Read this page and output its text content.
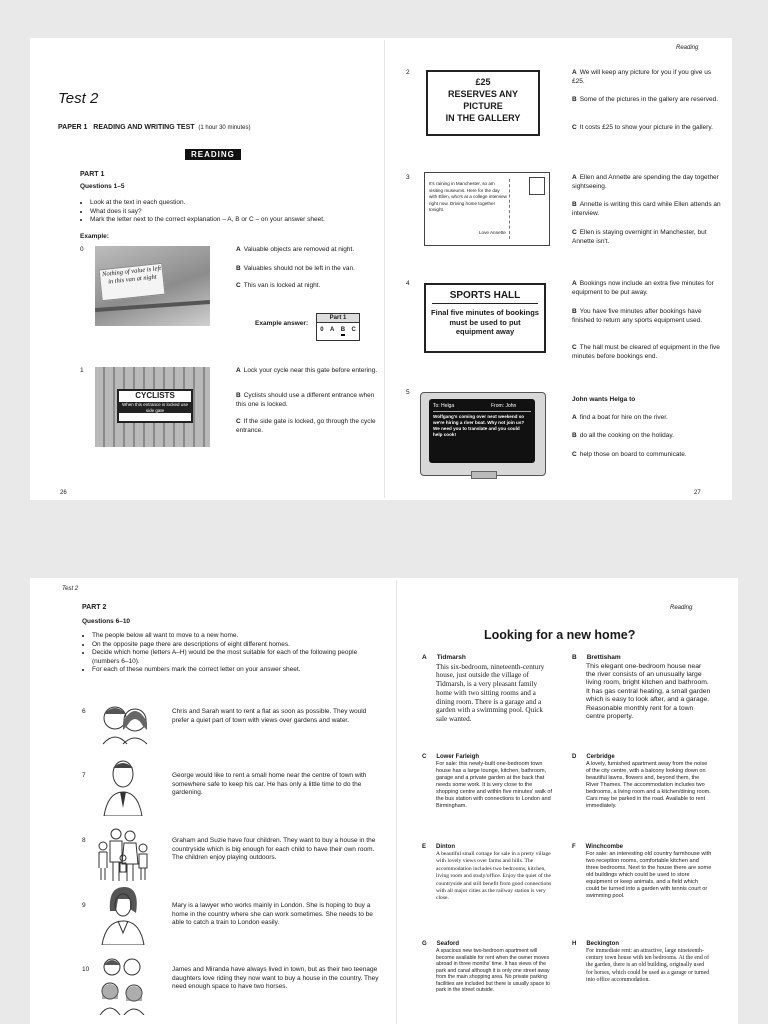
Test 2
PAPER 1 READING AND WRITING TEST (1 hour 30 minutes)
READING
PART 1
Questions 1–5
• Look at the text in each question.
• What does it say?
• Mark the letter next to the correct explanation – A, B or C – on your answer sheet.
Example:
0
Nothing of value is left in this van at night
A Valuable objects are removed at night.
B Valuables should not be left in the van.
C This van is locked at night.
Example answer:
Part 1
0 A B C
1
CYCLISTS
When this entrance is locked use side gate
A Lock your cycle near this gate before entering.
B Cyclists should use a different entrance when this one is locked.
C If the side gate is locked, go through the cycle entrance.
26
Reading
2
£25
RESERVES ANY
PICTURE
IN THE GALLERY
A We will keep any picture for you if you give us £25.
B Some of the pictures in the gallery are reserved.
C It costs £25 to show your picture in the gallery.
3
It's raining in Manchester, so am visiting museums. Here for the day with Ellen, who's at a college interview right now. Driving home together tonight.
Love Annette
A Ellen and Annette are spending the day together sightseeing.
B Annette is writing this card while Ellen attends an interview.
C Ellen is staying overnight in Manchester, but Annette isn't.
4
SPORTS HALL
Final five minutes of bookings must be used to put equipment away
A Bookings now include an extra five minutes for equipment to be put away.
B You have five minutes after bookings have finished to return any sports equipment used.
C The hall must be cleared of equipment in the five minutes before bookings end.
5
To: Helga	From: John
Wolfgang's coming over next weekend so we're hiring a river boat. Why not join us? We need you to translate and you could help cook!
John wants Helga to
A find a boat for hire on the river.
B do all the cooking on the holiday.
C help those on board to communicate.
27
Test 2
PART 2
Questions 6–10
• The people below all want to move to a new home.
• On the opposite page there are descriptions of eight different homes.
• Decide which home (letters A–H) would be the most suitable for each of the following people (numbers 6–10).
• For each of these numbers mark the correct letter on your answer sheet.
6	Chris and Sarah want to rent a flat as soon as possible. They would prefer a quiet part of town with views over gardens and water.
7	George would like to rent a small home near the centre of town with somewhere safe to keep his car. He has only a little time to do the gardening.
8	Graham and Suzie have four children. They want to buy a house in the countryside which is big enough for each child to have their own room. The children enjoy playing outdoors.
9	Mary is a lawyer who works mainly in London. She is hoping to buy a home in the country where she can work sometimes. She needs to be able to catch a train to London easily.
10	James and Miranda have always lived in town, but as their two teenage daughters love riding they now want to buy a house in the country. They need enough space to have two horses.
Reading
Looking for a new home?
A Tidmarsh
This six-bedroom, nineteenth-century house, just outside the village of Tidmarsh, is a very pleasant family home with two sitting rooms and a dining room. There is a garage and a garden with a swimming pool. Quick sale wanted.
B Brettisham
This elegant one-bedroom house near the river consists of an unusually large living room, bright kitchen and bathroom. It has gas central heating, a small garden which is easy to look after, and a garage. Reasonable monthly rent for a town centre property.
C Lower Farleigh
For sale: this newly-built one-bedroom town house has a large lounge, kitchen, bathroom, garage and a private garden at the back that needs some work. It is very close to the shopping centre and within five minutes' walk of the bus station with connections to London and Birmingham.
D Cerbridge
A lovely, furnished apartment away from the noise of the city centre, with a balcony looking down on beautiful lawns, flowers and, beyond them, the River Thames. The accommodation includes two bedrooms, a living room and a kitchen/dining room. Cars may be parked in the road. Available to rent immediately.
E Dinton
A beautiful small cottage for sale in a pretty village with lovely views over farms and hills. The accommodation includes two bedrooms, kitchen, living room and study/office. Enjoy the quiet of the countryside and still benefit from good connections with all major cities as the railway station is very close.
F Winchcombe
For sale: an interesting old country farmhouse with two reception rooms, comfortable kitchen and three bedrooms. Next to the house there are some old buildings which could be used to store equipment or keep animals, and a field which could be turned into a garden with tennis court or swimming pool.
G Seaford
A spacious new two-bedroom apartment will become available for rent when the owner moves abroad in three months' time. It has views of the park and canal although it is only one street away from the main shopping area. No private parking facilities are included but there is usually space to park in the street outside.
H Beckington
For immediate rent: an attractive, large nineteenth-century town house with ten bedrooms. At the end of the garden, there is an old building, originally used for horses, which could be used as a garage or turned into office accommodation.
